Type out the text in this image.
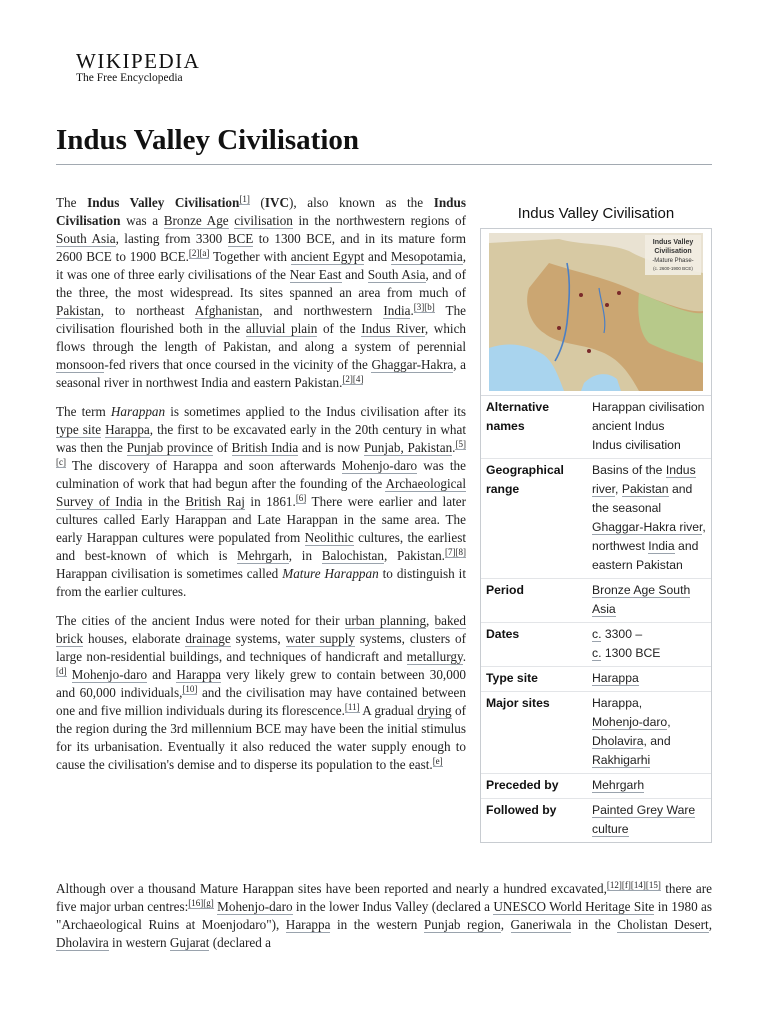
WIKIPEDIA
The Free Encyclopedia
Indus Valley Civilisation

The Indus Valley Civilisation[1] (IVC), also known as the Indus Civilisation was a Bronze Age civilisation in the northwestern regions of South Asia, lasting from 3300 BCE to 1300 BCE, and in its mature form 2600 BCE to 1900 BCE.[2][a] Together with ancient Egypt and Mesopotamia, it was one of three early civilisations of the Near East and South Asia, and of the three, the most widespread. Its sites spanned an area from much of Pakistan, to northeast Afghanistan, and northwestern India.[3][b] The civilisation flourished both in the alluvial plain of the Indus River, which flows through the length of Pakistan, and along a system of perennial monsoon-fed rivers that once coursed in the vicinity of the Ghaggar-Hakra, a seasonal river in northwest India and eastern Pakistan.[2][4]

The term Harappan is sometimes applied to the Indus civilisation after its type site Harappa, the first to be excavated early in the 20th century in what was then the Punjab province of British India and is now Punjab, Pakistan.[5][c] The discovery of Harappa and soon afterwards Mohenjo-daro was the culmination of work that had begun after the founding of the Archaeological Survey of India in the British Raj in 1861.[6] There were earlier and later cultures called Early Harappan and Late Harappan in the same area. The early Harappan cultures were populated from Neolithic cultures, the earliest and best-known of which is Mehrgarh, in Balochistan, Pakistan.[7][8] Harappan civilisation is sometimes called Mature Harappan to distinguish it from the earlier cultures.

The cities of the ancient Indus were noted for their urban planning, baked brick houses, elaborate drainage systems, water supply systems, clusters of large non-residential buildings, and techniques of handicraft and metallurgy.[d] Mohenjo-daro and Harappa very likely grew to contain between 30,000 and 60,000 individuals,[10] and the civilisation may have contained between one and five million individuals during its florescence.[11] A gradual drying of the region during the 3rd millennium BCE may have been the initial stimulus for its urbanisation. Eventually it also reduced the water supply enough to cause the civilisation's demise and to disperse its population to the east.[e]

Although over a thousand Mature Harappan sites have been reported and nearly a hundred excavated,[12][f][14][15] there are five major urban centres:[16][g] Mohenjo-daro in the lower Indus Valley (declared a UNESCO World Heritage Site in 1980 as "Archaeological Ruins at Moenjodaro"), Harappa in the western Punjab region, Ganeriwala in the Cholistan Desert, Dholavira in western Gujarat (declared a
Indus Valley Civilisation
Indus Valley
Civilisation
-Mature Phase-
(c. 2600-1900 BCE)
Alternative names	Harappan civilisation
ancient Indus
Indus civilisation

Geographical range	Basins of the Indus river, Pakistan and the seasonal Ghaggar-Hakra river, northwest India and eastern Pakistan
Period	Bronze Age South Asia
Dates	c. 3300 –
c. 1300 BCE
Type site	Harappa
Major sites	Harappa,
Mohenjo-daro,
Dholavira, and
Rakhigarhi

Preceded by	Mehrgarh
Followed by	Painted Grey Ware culture
